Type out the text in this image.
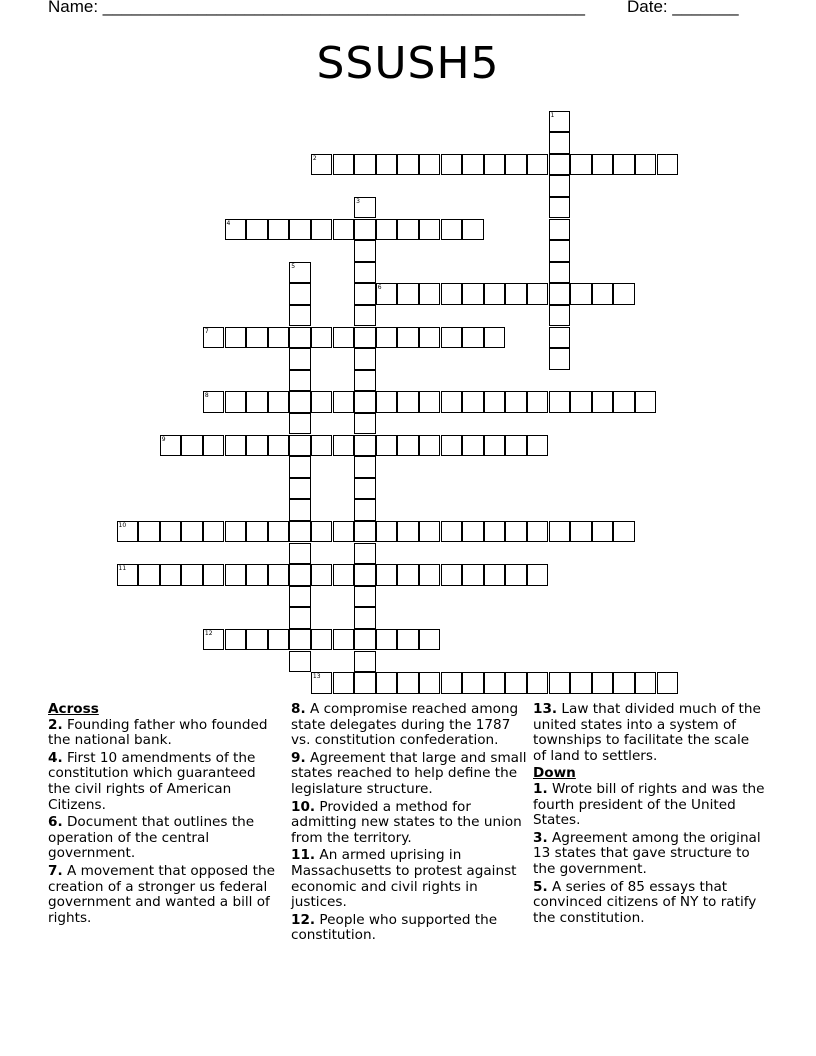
Name: ___________________________________________________ Date: _______
SSUSH5
2
4
6
7
8
9
10
11
12
13
1
3
5

Across

2. Founding father who founded the national bank.
4. First 10 amendments of the constitution which guaranteed the civil rights of American Citizens.
6. Document that outlines the operation of the central government.
7. A movement that opposed the creation of a stronger us federal government and wanted a bill of rights.
8. A compromise reached among state delegates during the 1787 vs. constitution confederation.
9. Agreement that large and small states reached to help define the legislature structure.
10. Provided a method for admitting new states to the union from the territory.
11. An armed uprising in Massachusetts to protest against economic and civil rights in justices.
12. People who supported the constitution.
13. Law that divided much of the united states into a system of townships to facilitate the scale of land to settlers.

Down

1. Wrote bill of rights and was the fourth president of the United States.
3. Agreement among the original 13 states that gave structure to the government.
5. A series of 85 essays that convinced citizens of NY to ratify the constitution.
